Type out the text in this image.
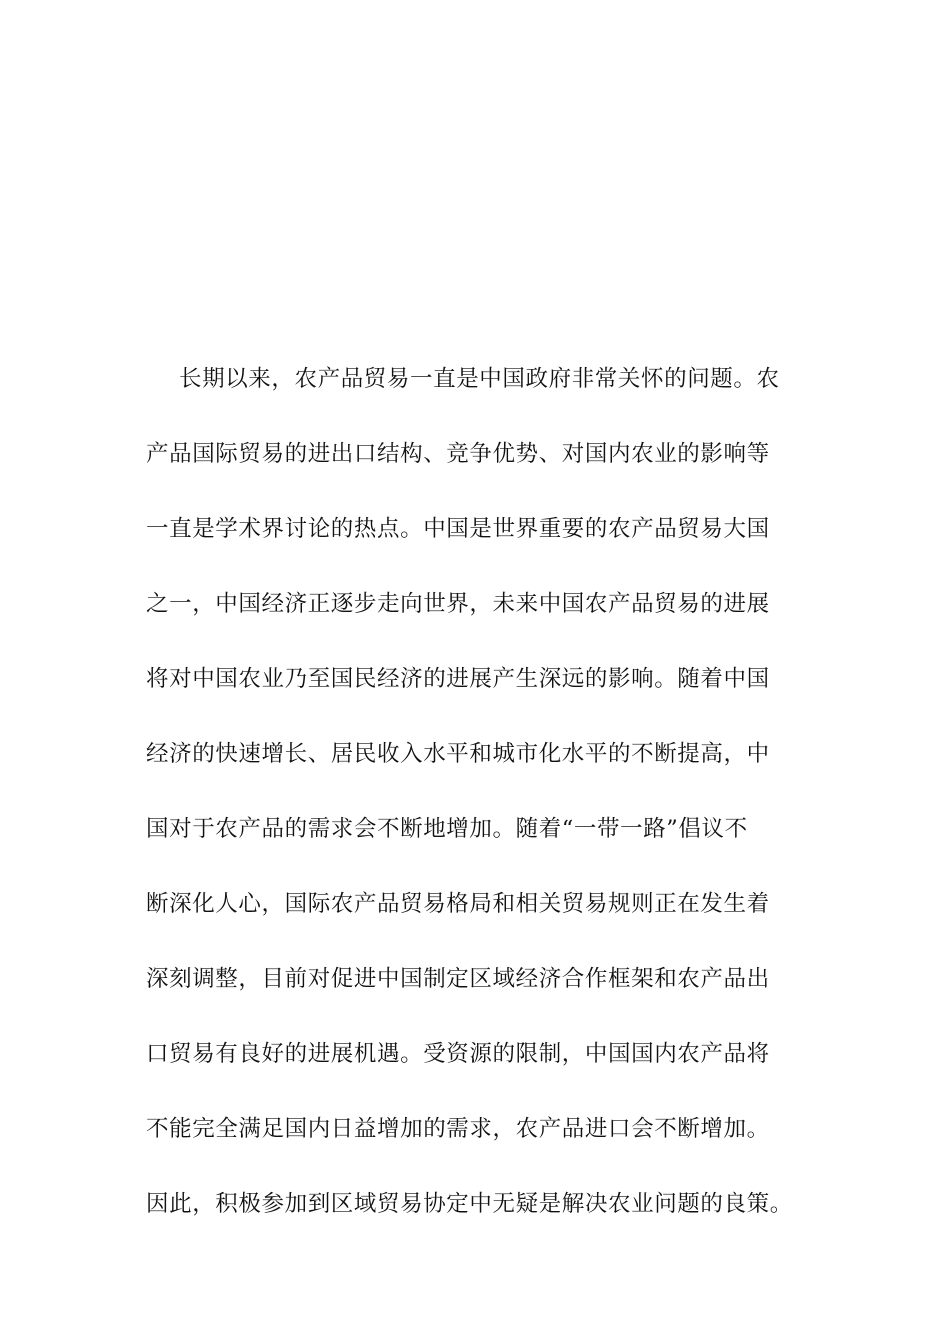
长期以来，农产品贸易一直是中国政府非常关怀的问题。农
产品国际贸易的进出口结构、竞争优势、对国内农业的影响等
一直是学术界讨论的热点。中国是世界重要的农产品贸易大国
之一，中国经济正逐步走向世界，未来中国农产品贸易的进展
将对中国农业乃至国民经济的进展产生深远的影响。随着中国
经济的快速增长、居民收入水平和城市化水平的不断提高，中
国对于农产品的需求会不断地增加。随着“一带一路”倡议不
断深化人心，国际农产品贸易格局和相关贸易规则正在发生着
深刻调整，目前对促进中国制定区域经济合作框架和农产品出
口贸易有良好的进展机遇。受资源的限制，中国国内农产品将
不能完全满足国内日益增加的需求，农产品进口会不断增加。
因此，积极参加到区域贸易协定中无疑是解决农业问题的良策。
